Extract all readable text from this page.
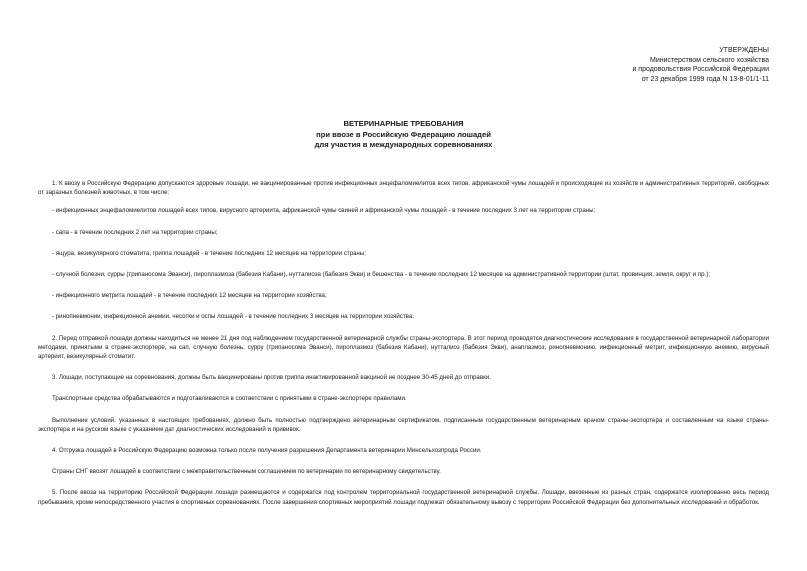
УТВЕРЖДЕНЫ
Министерством сельского хозяйства
и продовольствия Российской Федерации
от 23 декабря 1999 года N 13-8-01/1-11
ВЕТЕРИНАРНЫЕ ТРЕБОВАНИЯ
при ввозе в Российскую Федерацию лошадей
для участия в международных соревнованиях

1. К ввозу в Российскую Федерацию допускаются здоровые лошади, не вакцинированные против инфекционных энцефаломиелитов всех типов, африканской чумы лошадей и происходящие из хозяйств и административных территорий, свободных от заразных болезней животных, в том числе:

- инфекционных энцефаломиелитов лошадей всех типов, вирусного артериита, африканской чумы свиней и африканской чумы лошадей - в течение последних 3 лет на территории страны;

- сапа - в течение последних 2 лет на территории страны;

- ящура, везикулярного стоматита, гриппа лошадей - в течение последних 12 месяцев на территории страны;

- случной болезни, сурры (трипаносома Эванси), пироплазмоза (бабезия Кабани), нутталиоза (бабезия Экви) и бешенства - в течение последних 12 месяцев на административной территории (штат, провинция, земля, округ и пр.);

- инфекционного метрита лошадей - в течение последних 12 месяцев на территории хозяйства;

- ринопневмонии, инфекционной анемии, чесотки и оспы лошадей - в течение последних 3 месяцев на территории хозяйства.

2. Перед отправкой лошади должны находиться не менее 21 дня под наблюдением государственной ветеринарной службы страны-экспортера. В этот период проводятся диагностические исследования в государственной ветеринарной лаборатории методами, принятыми в стране-экспортере, на сап, случную болезнь, сурру (трипаносома Эванси), пироплазмоз (бабезия Кабани), нутталиоз (бабезия Экви), анаплазмоз, ринопневмонию, инфекционный метрит, инфекционную анемию, вирусный артериит, везикулярный стоматит.

3. Лошади, поступающие на соревнования, должны быть вакцинированы против гриппа инактивированной вакциной не позднее 30-45 дней до отправки.

Транспортные средства обрабатываются и подготавливаются в соответствии с принятыми в стране-экспортере правилами.

Выполнение условий, указанных в настоящих требованиях, должно быть полностью подтверждено ветеринарным сертификатом, подписанным государственным ветеринарным врачом страны-экспортера и составленным на языке страны-экспортера и на русском языке с указанием дат диагностических исследований и прививок.

4. Отгрузка лошадей в Российскую Федерацию возможна только после получения разрешения Департамента ветеринарии Минсельхозпрода России.

Страны СНГ ввозят лошадей в соответствии с межправительственным соглашением по ветеринарии по ветеринарному свидетельству.

5. После ввоза на территорию Российской Федерации лошади размещаются и содержатся под контролем территориальной государственной ветеринарной службы. Лошади, ввезенные из разных стран, содержатся изолированно весь период пребывания, кроме непосредственного участия в спортивных соревнованиях. После завершения спортивных мероприятий лошади подлежат обязательному вывозу с территории Российской Федерации без дополнительных исследований и обработок.
